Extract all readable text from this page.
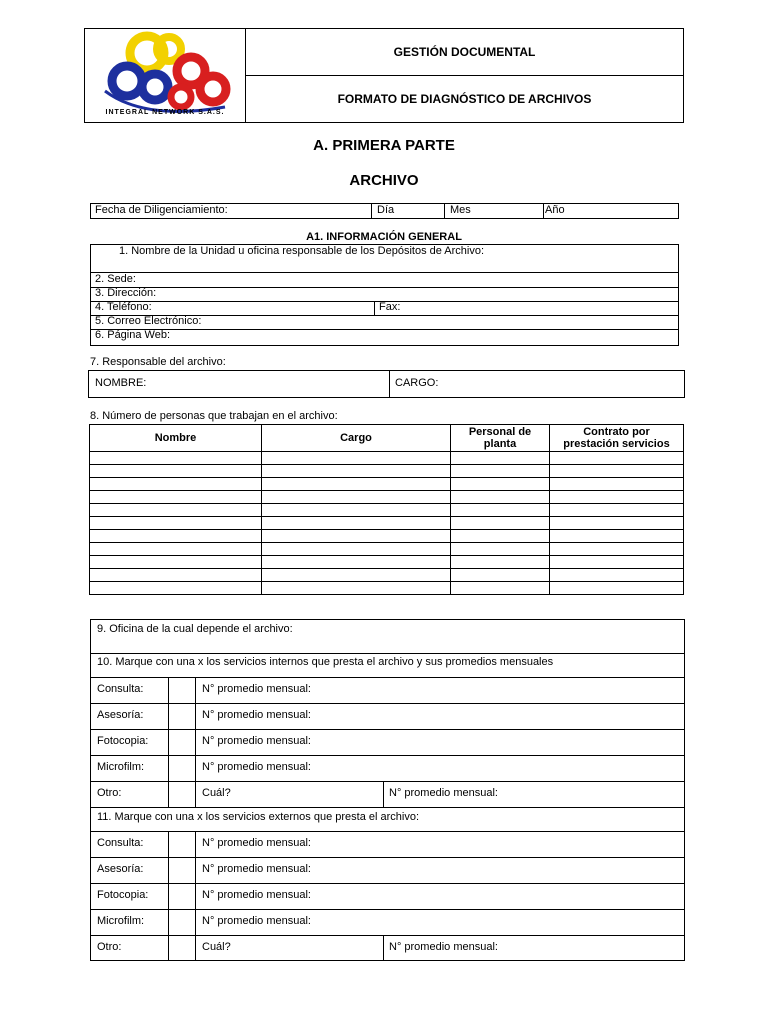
INTEGRAL NETWORK S.A.S.
GESTIÓN DOCUMENTAL
FORMATO DE DIAGNÓSTICO DE ARCHIVOS
A. PRIMERA PARTE
ARCHIVO
Fecha de Diligenciamiento:	Día	Mes	Año
A1. INFORMACIÓN GENERAL
1. Nombre de la Unidad u oficina responsable de los Depósitos de Archivo:
2. Sede:
3. Dirección:
4. Teléfono:	Fax:
5. Correo Electrónico:
6. Página Web:
7. Responsable del archivo:
NOMBRE:	CARGO:
8. Número de personas que trabajan en el archivo:
Nombre	Cargo	Personal de planta	Contrato por prestación servicios

9. Oficina de la cual depende el archivo:
10. Marque con una x los servicios internos que presta el archivo y sus promedios mensuales
Consulta:	N° promedio mensual:
Asesoría:	N° promedio mensual:
Fotocopia:	N° promedio mensual:
Microfilm:	N° promedio mensual:
Otro:	Cuál?	N° promedio mensual:
11. Marque con una x los servicios externos que presta el archivo:
Consulta:	N° promedio mensual:
Asesoría:	N° promedio mensual:
Fotocopia:	N° promedio mensual:
Microfilm:	N° promedio mensual:
Otro:	Cuál?	N° promedio mensual:
